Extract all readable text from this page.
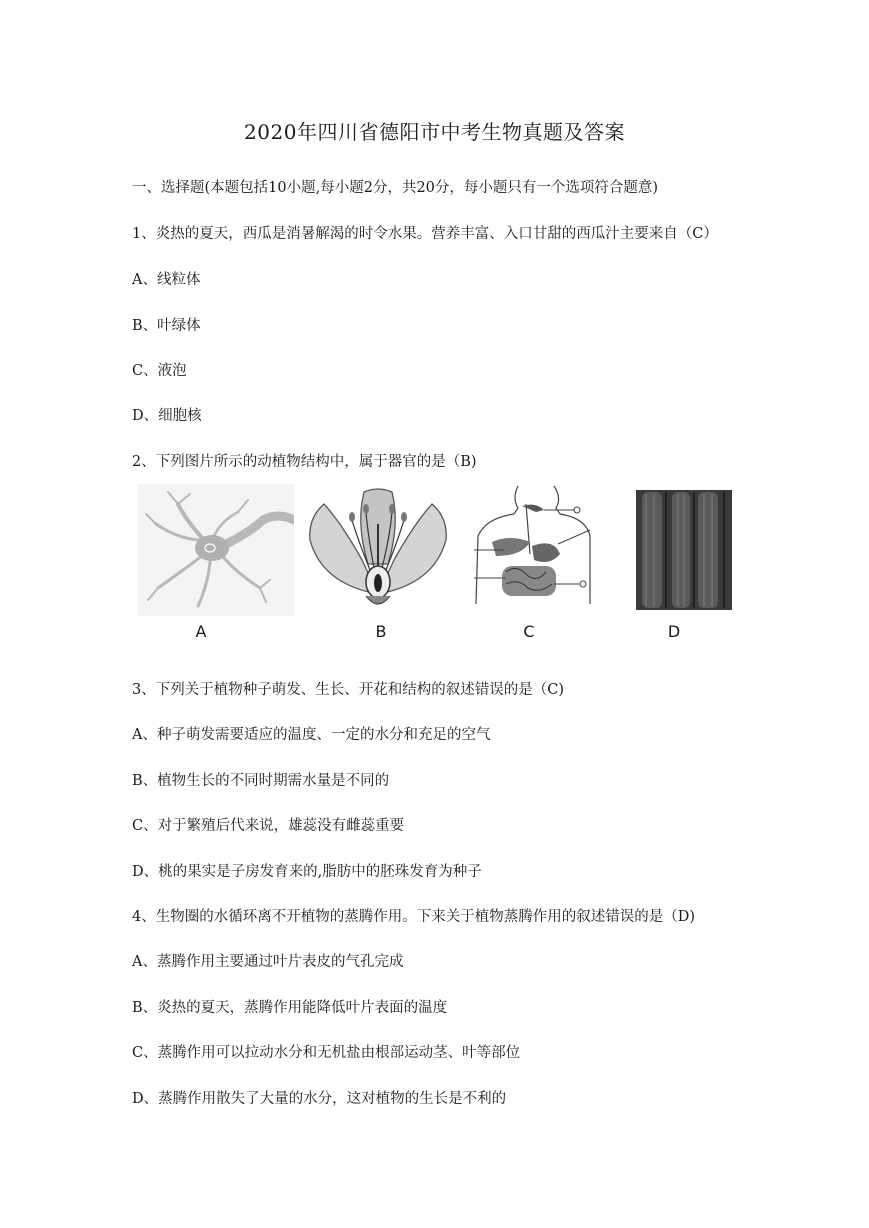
2020年四川省德阳市中考生物真题及答案
一、选择题(本题包括10小题,每小题2分，共20分，每小题只有一个选项符合题意)
1、炎热的夏天，西瓜是消暑解渴的时令水果。营养丰富、入口甘甜的西瓜汁主要来自（C）
A、线粒体
B、叶绿体
C、液泡
D、细胞核
2、下列图片所示的动植物结构中，属于器官的是（B)
A	B	C	D
3、下列关于植物种子萌发、生长、开花和结构的叙述错误的是（C)
A、种子萌发需要适应的温度、一定的水分和充足的空气
B、植物生长的不同时期需水量是不同的
C、对于繁殖后代来说，雄蕊没有雌蕊重要
D、桃的果实是子房发育来的,脂肪中的胚珠发育为种子
4、生物圈的水循环离不开植物的蒸腾作用。下来关于植物蒸腾作用的叙述错误的是（D)
A、蒸腾作用主要通过叶片表皮的气孔完成
B、炎热的夏天，蒸腾作用能降低叶片表面的温度
C、蒸腾作用可以拉动水分和无机盐由根部运动茎、叶等部位
D、蒸腾作用散失了大量的水分，这对植物的生长是不利的
